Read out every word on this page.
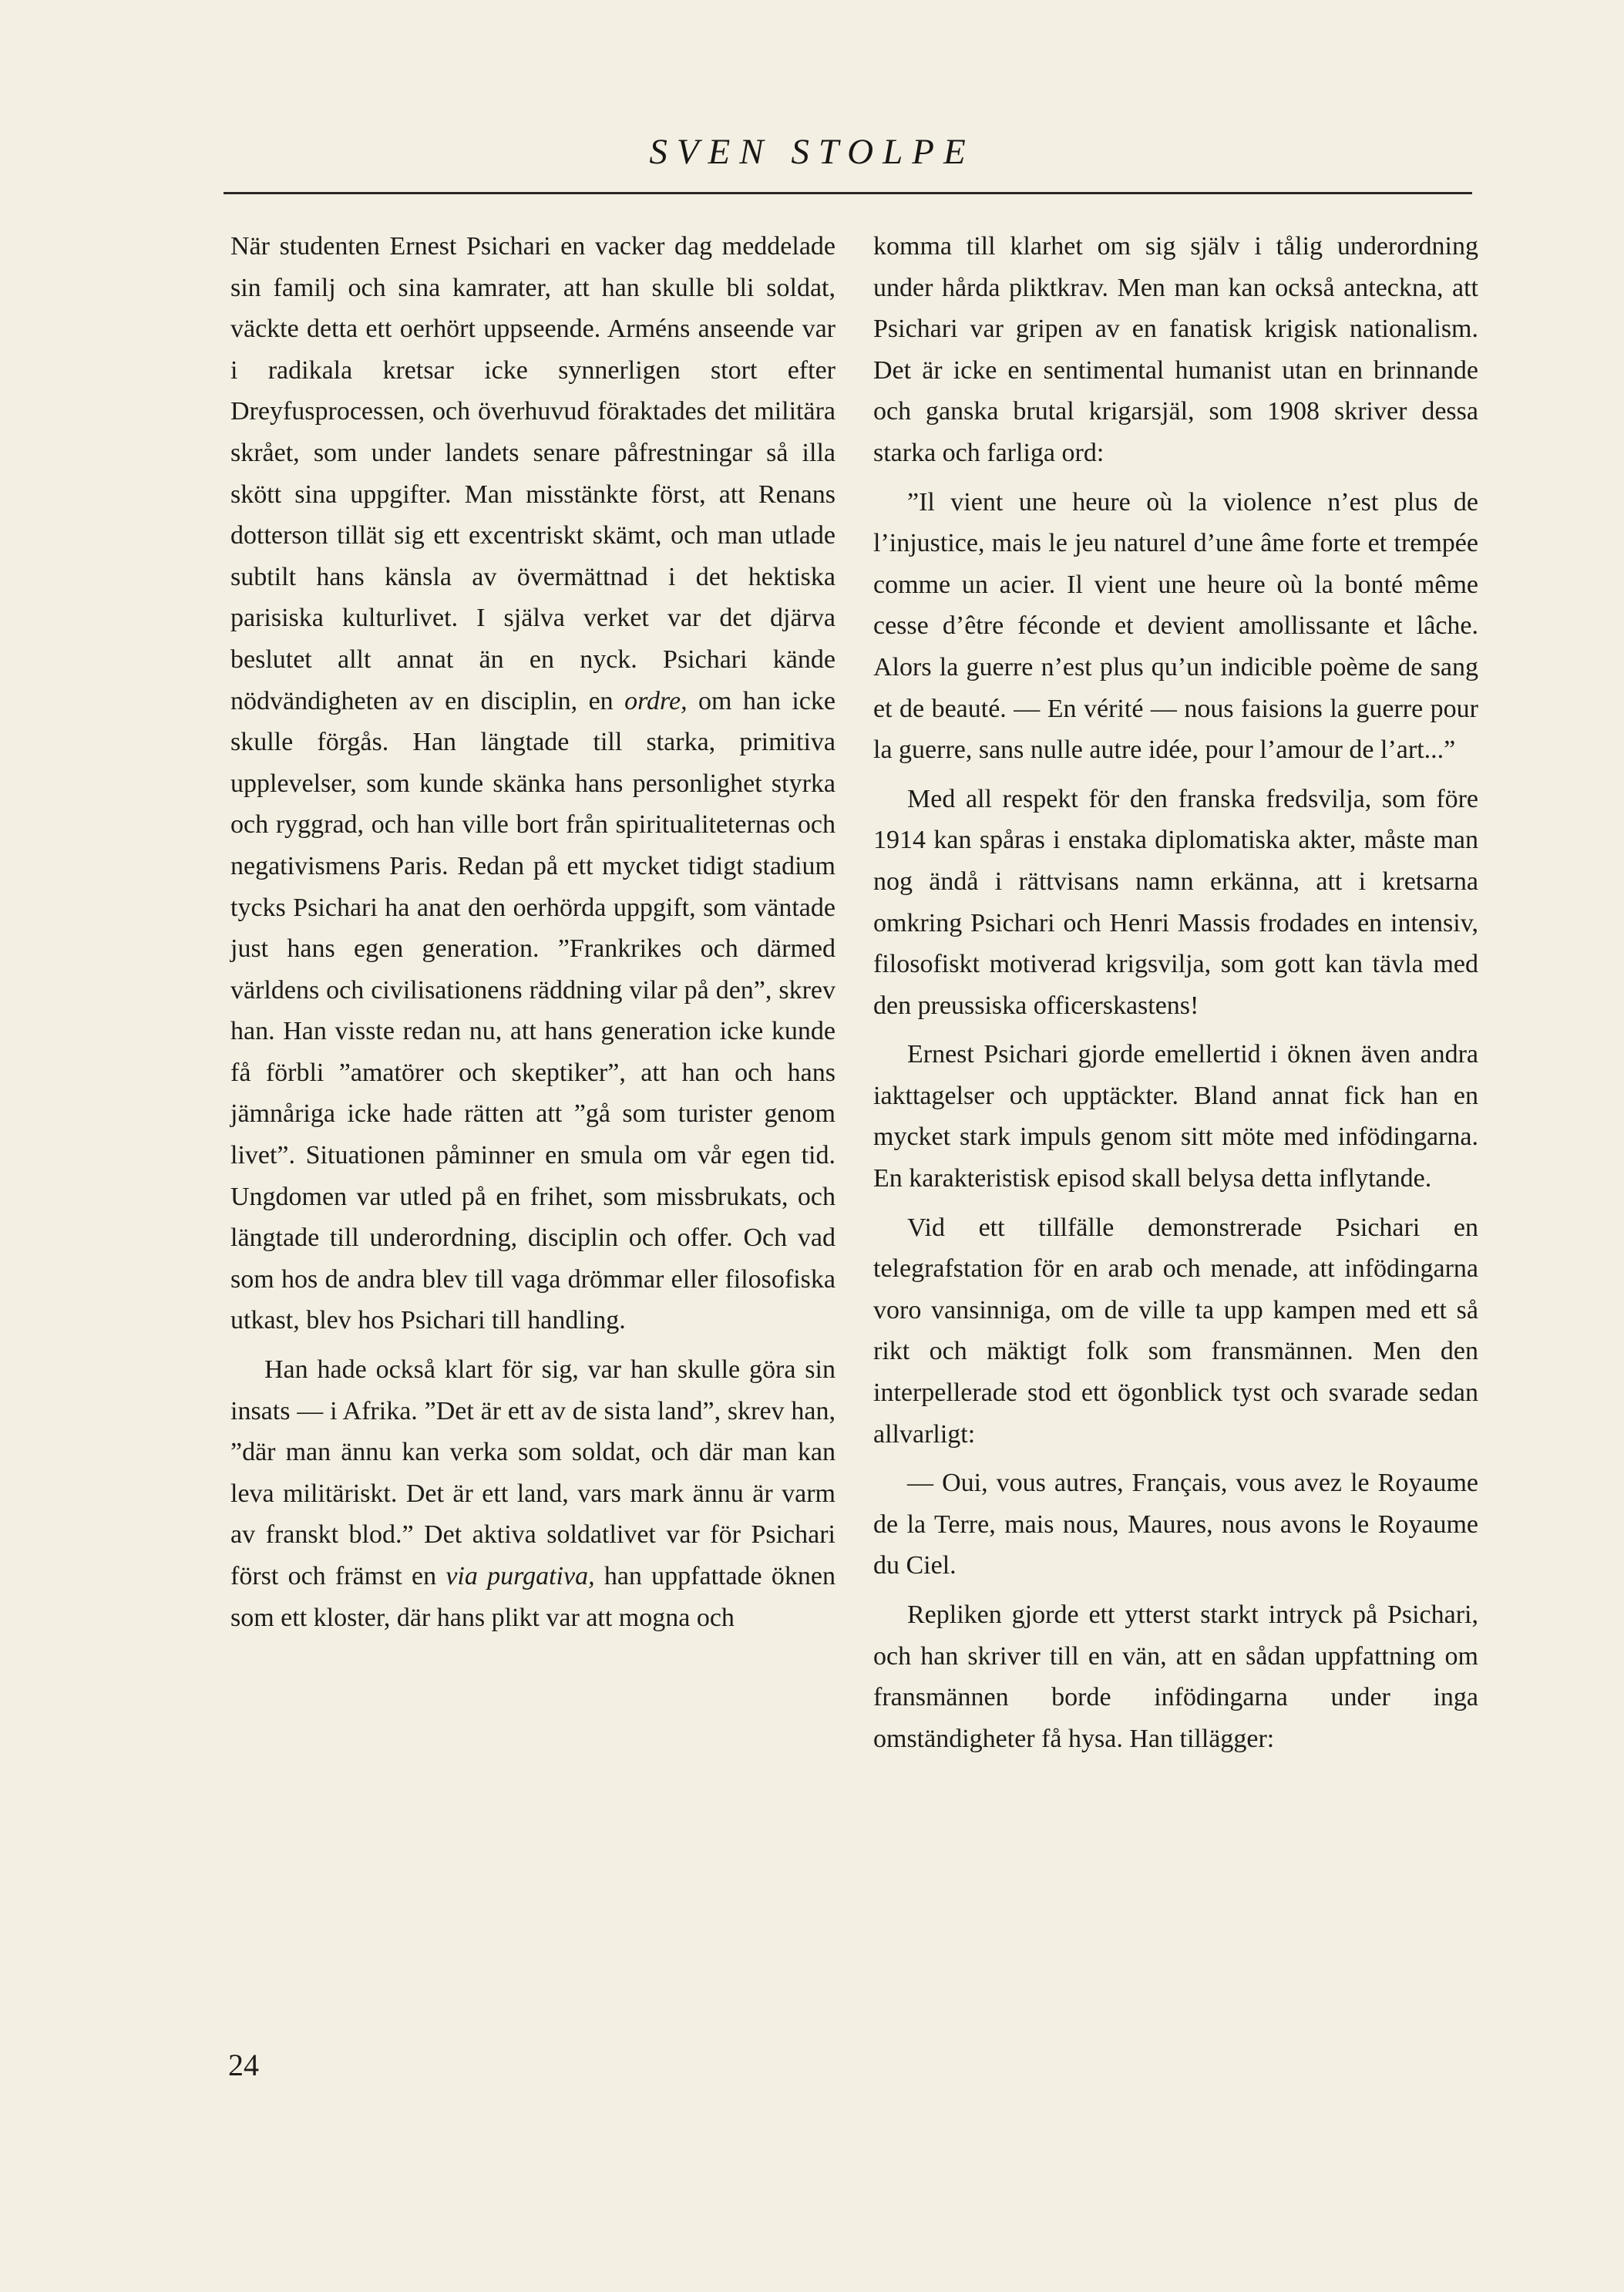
SVEN STOLPE

När studenten Ernest Psichari en vacker dag meddelade sin familj och sina kamrater, att han skulle bli soldat, väckte detta ett oerhört uppseende. Arméns anseende var i radikala kretsar icke synnerligen stort efter Dreyfusprocessen, och överhuvud föraktades det militära skrået, som under landets senare påfrestningar så illa skött sina uppgifter. Man misstänkte först, att Renans dotterson tillät sig ett excentriskt skämt, och man utlade subtilt hans känsla av övermättnad i det hektiska parisiska kulturlivet. I själva verket var det djärva beslutet allt annat än en nyck. Psichari kände nödvändigheten av en disciplin, en ordre, om han icke skulle förgås. Han längtade till starka, primitiva upplevelser, som kunde skänka hans personlighet styrka och ryggrad, och han ville bort från spiritualiteternas och negativismens Paris. Redan på ett mycket tidigt stadium tycks Psichari ha anat den oerhörda uppgift, som väntade just hans egen generation. ”Frankrikes och därmed världens och civilisationens räddning vilar på den”, skrev han. Han visste redan nu, att hans generation icke kunde få förbli ”amatörer och skeptiker”, att han och hans jämnåriga icke hade rätten att ”gå som turister genom livet”. Situationen påminner en smula om vår egen tid. Ungdomen var utled på en frihet, som missbrukats, och längtade till underordning, disciplin och offer. Och vad som hos de andra blev till vaga drömmar eller filosofiska utkast, blev hos Psichari till handling.

Han hade också klart för sig, var han skulle göra sin insats — i Afrika. ”Det är ett av de sista land”, skrev han, ”där man ännu kan verka som soldat, och där man kan leva militäriskt. Det är ett land, vars mark ännu är varm av franskt blod.” Det aktiva soldatlivet var för Psichari först och främst en via purgativa, han uppfattade öknen som ett kloster, där hans plikt var att mogna och

komma till klarhet om sig själv i tålig underordning under hårda pliktkrav. Men man kan också anteckna, att Psichari var gripen av en fanatisk krigisk nationalism. Det är icke en sentimental humanist utan en brinnande och ganska brutal krigarsjäl, som 1908 skriver dessa starka och farliga ord:

”Il vient une heure où la violence n’est plus de l’injustice, mais le jeu naturel d’une âme forte et trempée comme un acier. Il vient une heure où la bonté même cesse d’être féconde et devient amollissante et lâche. Alors la guerre n’est plus qu’un indicible poème de sang et de beauté. — En vérité — nous faisions la guerre pour la guerre, sans nulle autre idée, pour l’amour de l’art...”

Med all respekt för den franska fredsvilja, som före 1914 kan spåras i enstaka diplomatiska akter, måste man nog ändå i rättvisans namn erkänna, att i kretsarna omkring Psichari och Henri Massis frodades en intensiv, filosofiskt motiverad krigsvilja, som gott kan tävla med den preussiska officerskastens!

Ernest Psichari gjorde emellertid i öknen även andra iakttagelser och upptäckter. Bland annat fick han en mycket stark impuls genom sitt möte med infödingarna. En karakteristisk episod skall belysa detta inflytande.

Vid ett tillfälle demonstrerade Psichari en telegrafstation för en arab och menade, att infödingarna voro vansinniga, om de ville ta upp kampen med ett så rikt och mäktigt folk som fransmännen. Men den interpellerade stod ett ögonblick tyst och svarade sedan allvarligt:

— Oui, vous autres, Français, vous avez le Royaume de la Terre, mais nous, Maures, nous avons le Royaume du Ciel.

Repliken gjorde ett ytterst starkt intryck på Psichari, och han skriver till en vän, att en sådan uppfattning om fransmännen borde infödingarna under inga omständigheter få hysa. Han tillägger:

24
